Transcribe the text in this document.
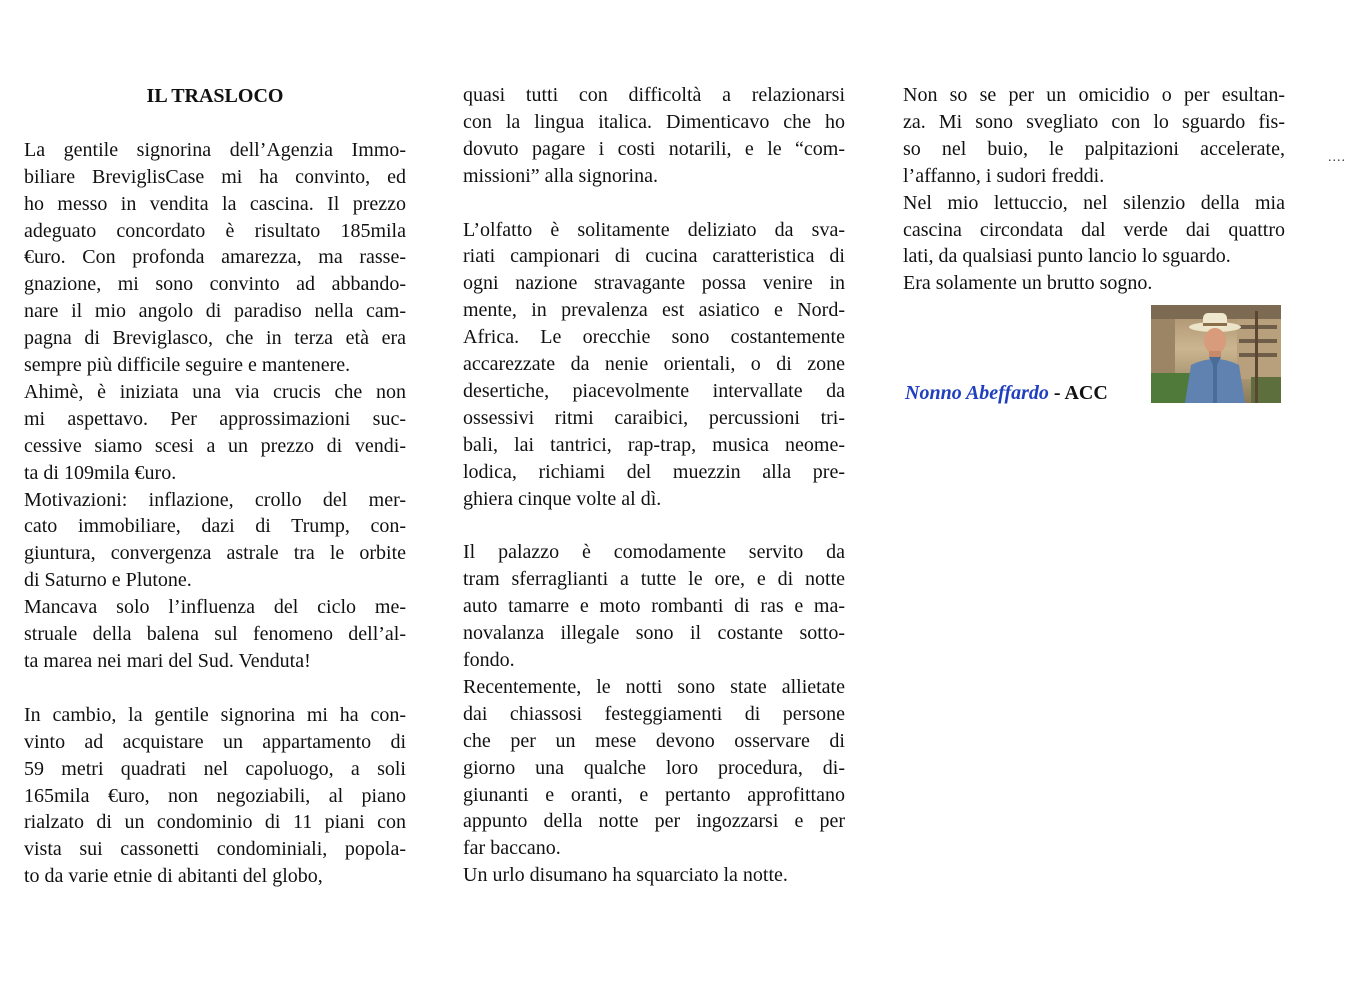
IL TRASLOCO
La gentile signorina dell’Agenzia Immo-
biliare BreviglisCase mi ha convinto, ed
ho messo in vendita la cascina. Il prezzo
adeguato concordato è risultato 185mila
€uro. Con profonda amarezza, ma rasse-
gnazione, mi sono convinto ad abbando-
nare il mio angolo di paradiso nella cam-
pagna di Breviglasco, che in terza età era
sempre più difficile seguire e mantenere.
Ahimè, è iniziata una via crucis che non
mi aspettavo. Per approssimazioni suc-
cessive siamo scesi a un prezzo di vendi-
ta di 109mila €uro.
Motivazioni: inflazione, crollo del mer-
cato immobiliare, dazi di Trump, con-
giuntura, convergenza astrale tra le orbite
di Saturno e Plutone.
Mancava solo l’influenza del ciclo me-
struale della balena sul fenomeno dell’al-
ta marea nei mari del Sud. Venduta!
In cambio, la gentile signorina mi ha con-
vinto ad acquistare un appartamento di
59 metri quadrati nel capoluogo, a soli
165mila €uro, non negoziabili, al piano
rialzato di un condominio di 11 piani con
vista sui cassonetti condominiali, popola-
to da varie etnie di abitanti del globo,
quasi tutti con difficoltà a relazionarsi
con la lingua italica. Dimenticavo che ho
dovuto pagare i costi notarili, e le “com-
missioni” alla signorina.
L’olfatto è solitamente deliziato da sva-
riati campionari di cucina caratteristica di
ogni nazione stravagante possa venire in
mente, in prevalenza est asiatico e Nord-
Africa. Le orecchie sono costantemente
accarezzate da nenie orientali, o di zone
desertiche, piacevolmente intervallate da
ossessivi ritmi caraibici, percussioni tri-
bali, lai tantrici, rap-trap, musica neome-
lodica, richiami del muezzin alla pre-
ghiera cinque volte al dì.
Il palazzo è comodamente servito da
tram sferraglianti a tutte le ore, e di notte
auto tamarre e moto rombanti di ras e ma-
novalanza illegale sono il costante sotto-
fondo.
Recentemente, le notti sono state allietate
dai chiassosi festeggiamenti di persone
che per un mese devono osservare di
giorno una qualche loro procedura, di-
giunanti e oranti, e pertanto approfittano
appunto della notte per ingozzarsi e per
far baccano.
Un urlo disumano ha squarciato la notte.
Non so se per un omicidio o per esultan-
za. Mi sono svegliato con lo sguardo fis-
so nel buio, le palpitazioni accelerate,
l’affanno, i sudori freddi.
Nel mio lettuccio, nel silenzio della mia
cascina circondata dal verde dai quattro
lati, da qualsiasi punto lancio lo sguardo.
Era solamente un brutto sogno.
....
Nonno Abeffardo - ACC
